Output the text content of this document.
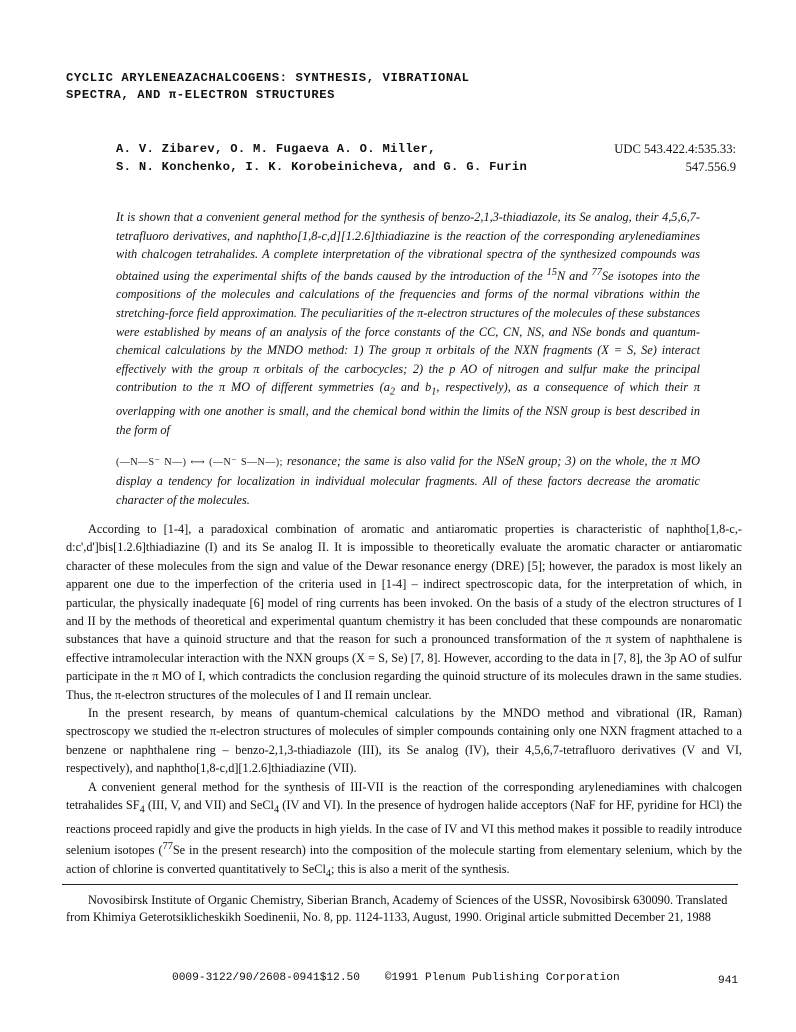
CYCLIC ARYLENEAZACHALCOGENS: SYNTHESIS, VIBRATIONAL
SPECTRA, AND π-ELECTRON STRUCTURES
A. V. Zibarev, O. M. Fugaeva A. O. Miller,
S. N. Konchenko, I. K. Korobeinicheva, and G. G. Furin
UDC 543.422.4:535.33:
547.556.9

It is shown that a convenient general method for the synthesis of benzo-2,1,3-thiadiazole, its Se analog, their 4,5,6,7-tetrafluoro derivatives, and naphtho[1,8-c,d][1.2.6]thiadiazine is the reaction of the corresponding arylenediamines with chalcogen tetrahalides. A complete interpretation of the vibrational spectra of the synthesized compounds was obtained using the experimental shifts of the bands caused by the introduction of the $^{15}$N and $^{77}$Se isotopes into the compositions of the molecules and calculations of the frequencies and forms of the normal vibrations within the stretching-force field approximation. The peculiarities of the π-electron structures of the molecules of these substances were established by means of an analysis of the force constants of the CC, CN, NS, and NSe bonds and quantum-chemical calculations by the MNDO method: 1) The group π orbitals of the NXN fragments (X = S, Se) interact effectively with the group π orbitals of the carbocycles; 2) the p AO of nitrogen and sulfur make the principal contribution to the π MO of different symmetries ($a_2$ and $b_1$, respectively), as a consequence of which their π overlapping with one another is small, and the chemical bond within the limits of the NSN group is best described in the form of

(—N—S⁻ N—) ⟷ (—N⁻ S—N—); resonance; the same is also valid for the NSeN group; 3) on the whole, the π MO display a tendency for localization in individual molecular fragments. All of these factors decrease the aromatic character of the molecules.

According to [1-4], a paradoxical combination of aromatic and antiaromatic properties is characteristic of naphtho[1,8-c,-d:c',d']bis[1.2.6]thiadiazine (I) and its Se analog II. It is impossible to theoretically evaluate the aromatic character or antiaromatic character of these molecules from the sign and value of the Dewar resonance energy (DRE) [5]; however, the paradox is most likely an apparent one due to the imperfection of the criteria used in [1-4] – indirect spectroscopic data, for the interpretation of which, in particular, the physically inadequate [6] model of ring currents has been invoked. On the basis of a study of the electron structures of I and II by the methods of theoretical and experimental quantum chemistry it has been concluded that these compounds are nonaromatic substances that have a quinoid structure and that the reason for such a pronounced transformation of the π system of naphthalene is effective intramolecular interaction with the NXN groups (X = S, Se) [7, 8]. However, according to the data in [7, 8], the 3p AO of sulfur participate in the π MO of I, which contradicts the conclusion regarding the quinoid structure of its molecules drawn in the same studies. Thus, the π-electron structures of the molecules of I and II remain unclear.

In the present research, by means of quantum-chemical calculations by the MNDO method and vibrational (IR, Raman) spectroscopy we studied the π-electron structures of molecules of simpler compounds containing only one NXN fragment attached to a benzene or naphthalene ring – benzo-2,1,3-thiadiazole (III), its Se analog (IV), their 4,5,6,7-tetrafluoro derivatives (V and VI, respectively), and naphtho[1,8-c,d][1.2.6]thiadiazine (VII).

A convenient general method for the synthesis of III-VII is the reaction of the corresponding arylenediamines with chalcogen tetrahalides $SF_4$ (III, V, and VII) and SeCl$_4$ (IV and VI). In the presence of hydrogen halide acceptors (NaF for HF, pyridine for HCl) the reactions proceed rapidly and give the products in high yields. In the case of IV and VI this method makes it possible to readily introduce selenium isotopes ($^{77}$Se in the present research) into the composition of the molecule starting from elementary selenium, which by the action of chlorine is converted quantitatively to SeCl$_4$; this is also a merit of the synthesis.

Novosibirsk Institute of Organic Chemistry, Siberian Branch, Academy of Sciences of the USSR, Novosibirsk 630090. Translated from Khimiya Geterotsiklicheskikh Soedinenii, No. 8, pp. 1124-1133, August, 1990. Original article submitted December 21, 1988
0009-3122/90/2608-0941$12.50 ©1991 Plenum Publishing Corporation	941
